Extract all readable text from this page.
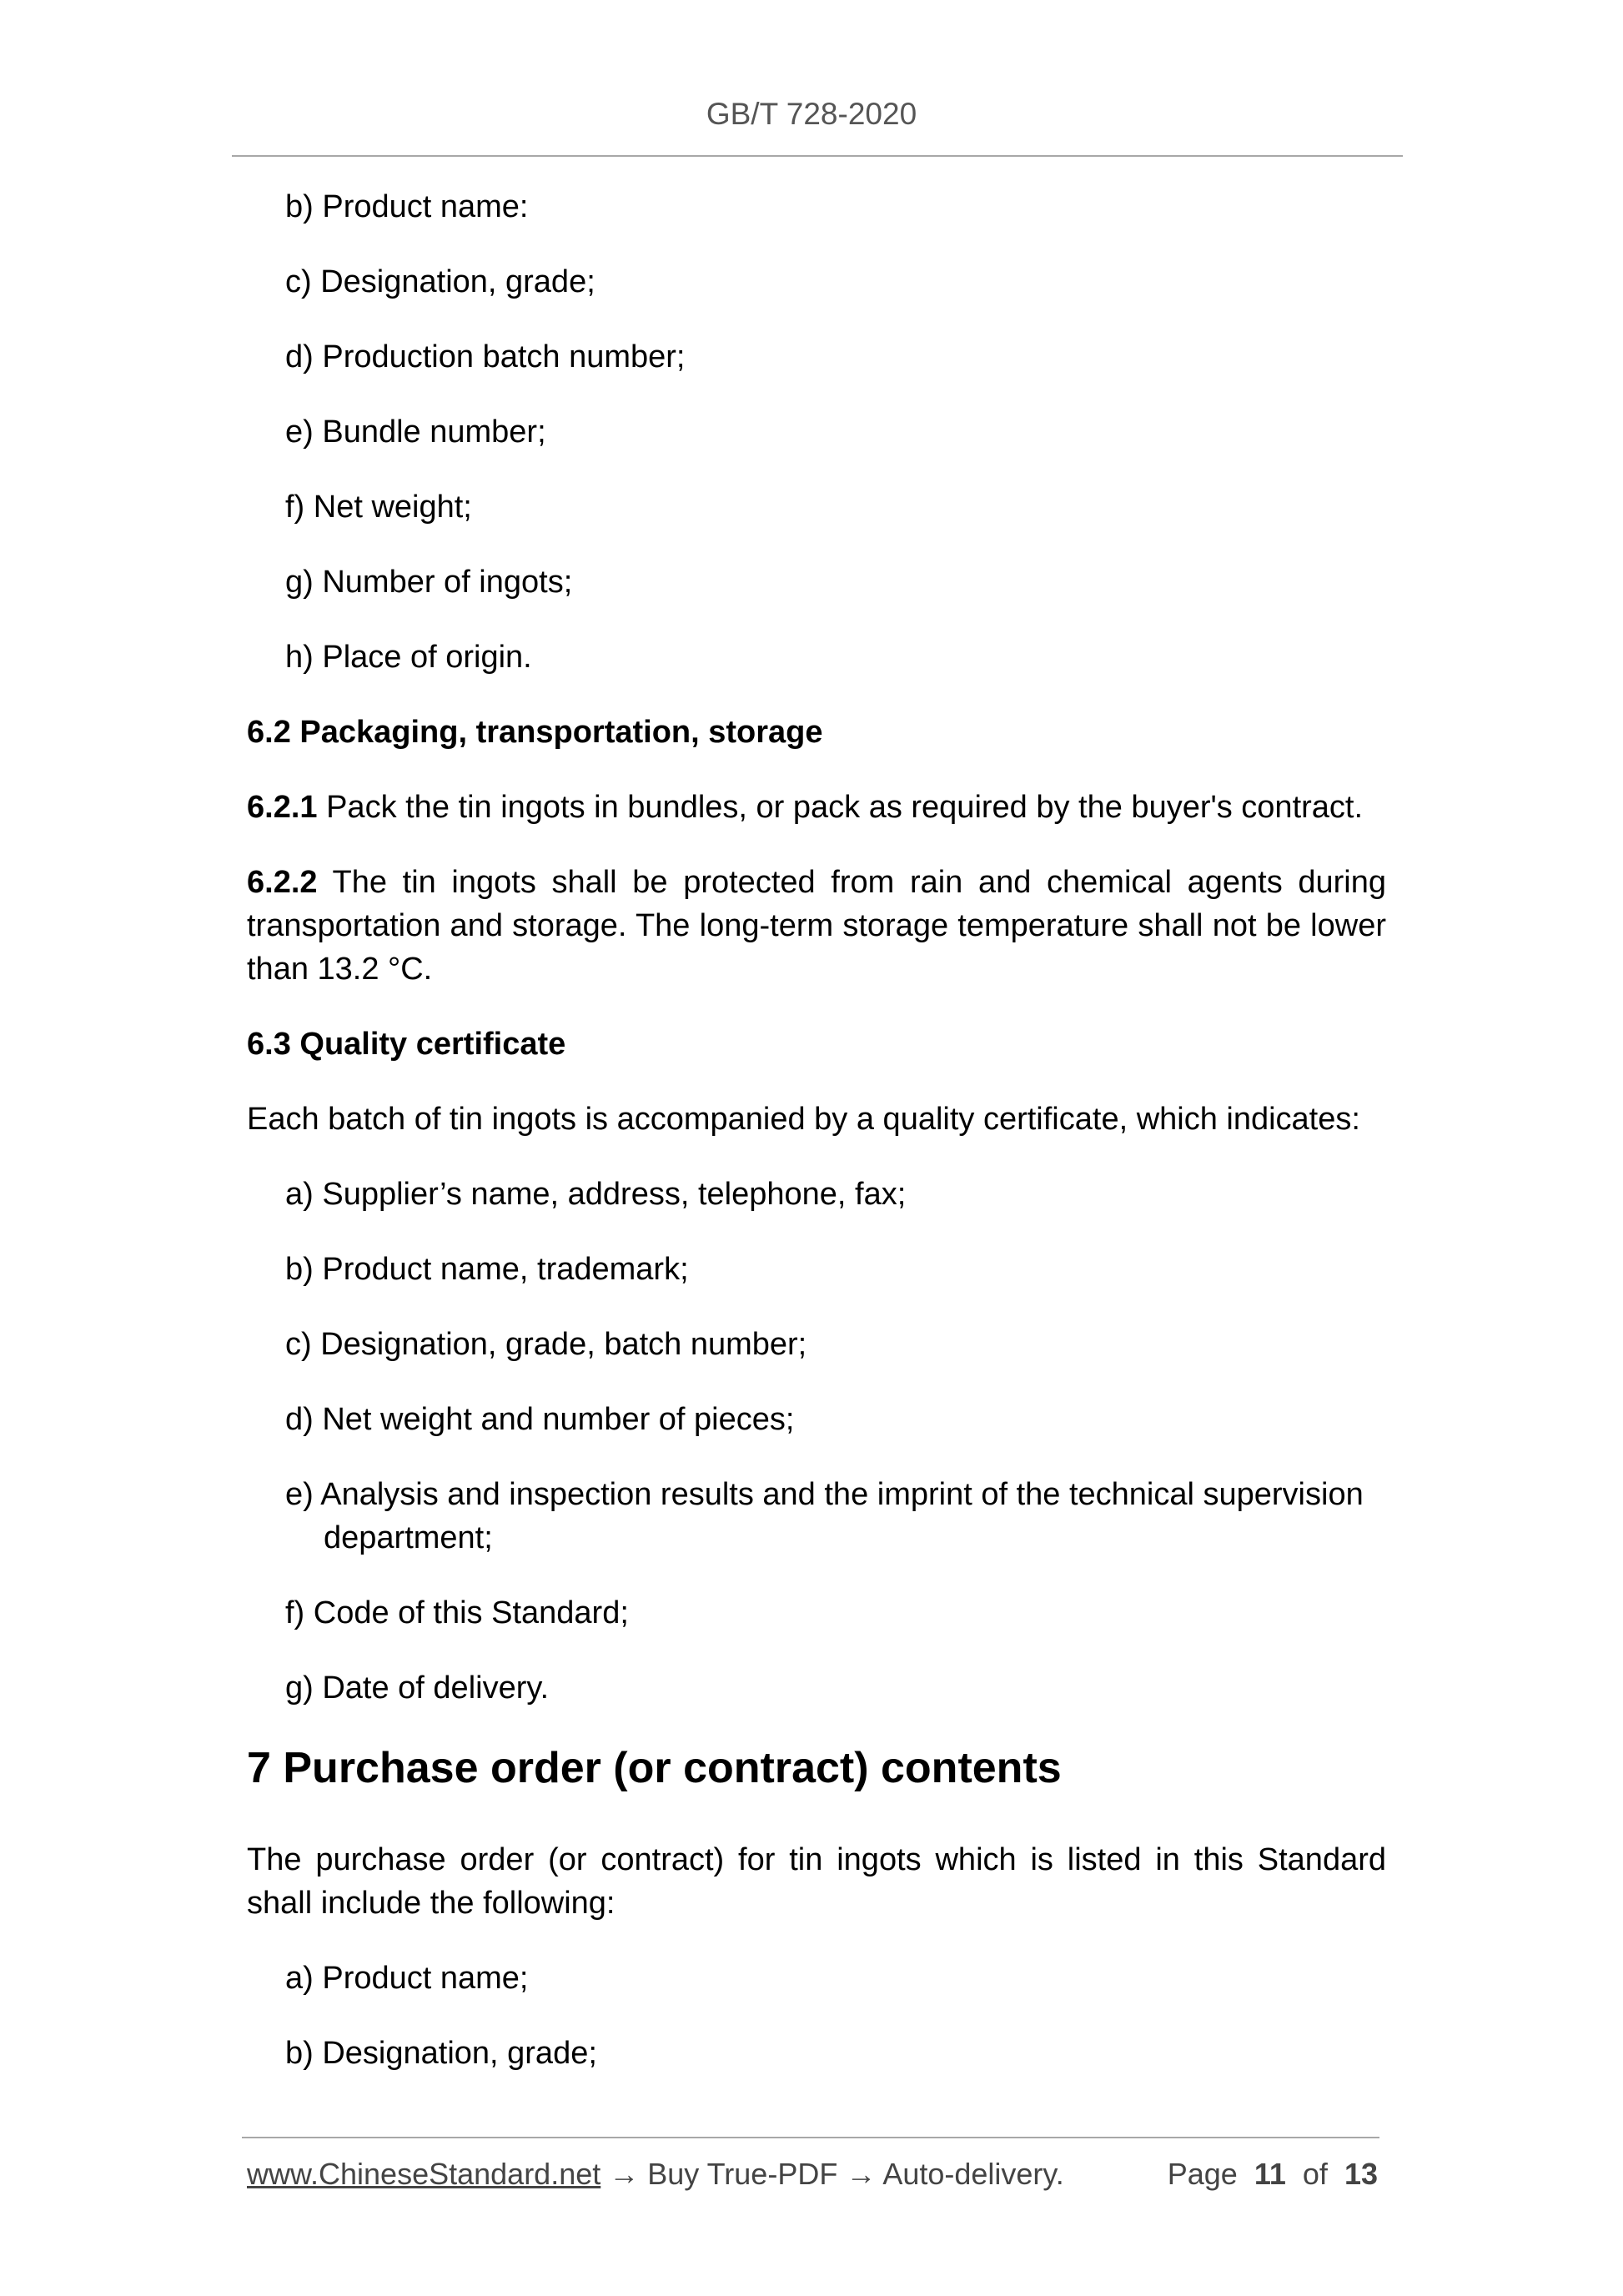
GB/T 728-2020
b) Product name:
c) Designation, grade;
d) Production batch number;
e) Bundle number;
f) Net weight;
g) Number of ingots;
h) Place of origin.
6.2 Packaging, transportation, storage

6.2.1 Pack the tin ingots in bundles, or pack as required by the buyer's contract.

6.2.2 The tin ingots shall be protected from rain and chemical agents during transportation and storage. The long-term storage temperature shall not be lower than 13.2 °C.

6.3 Quality certificate

Each batch of tin ingots is accompanied by a quality certificate, which indicates:

a) Supplier’s name, address, telephone, fax;
b) Product name, trademark;
c) Designation, grade, batch number;
d) Net weight and number of pieces;
e) Analysis and inspection results and the imprint of the technical supervision department;
f) Code of this Standard;
g) Date of delivery.
7 Purchase order (or contract) contents

The purchase order (or contract) for tin ingots which is listed in this Standard shall include the following:

a) Product name;
b) Designation, grade;
www.ChineseStandard.net → Buy True-PDF → Auto-delivery.	Page 11 of 13
